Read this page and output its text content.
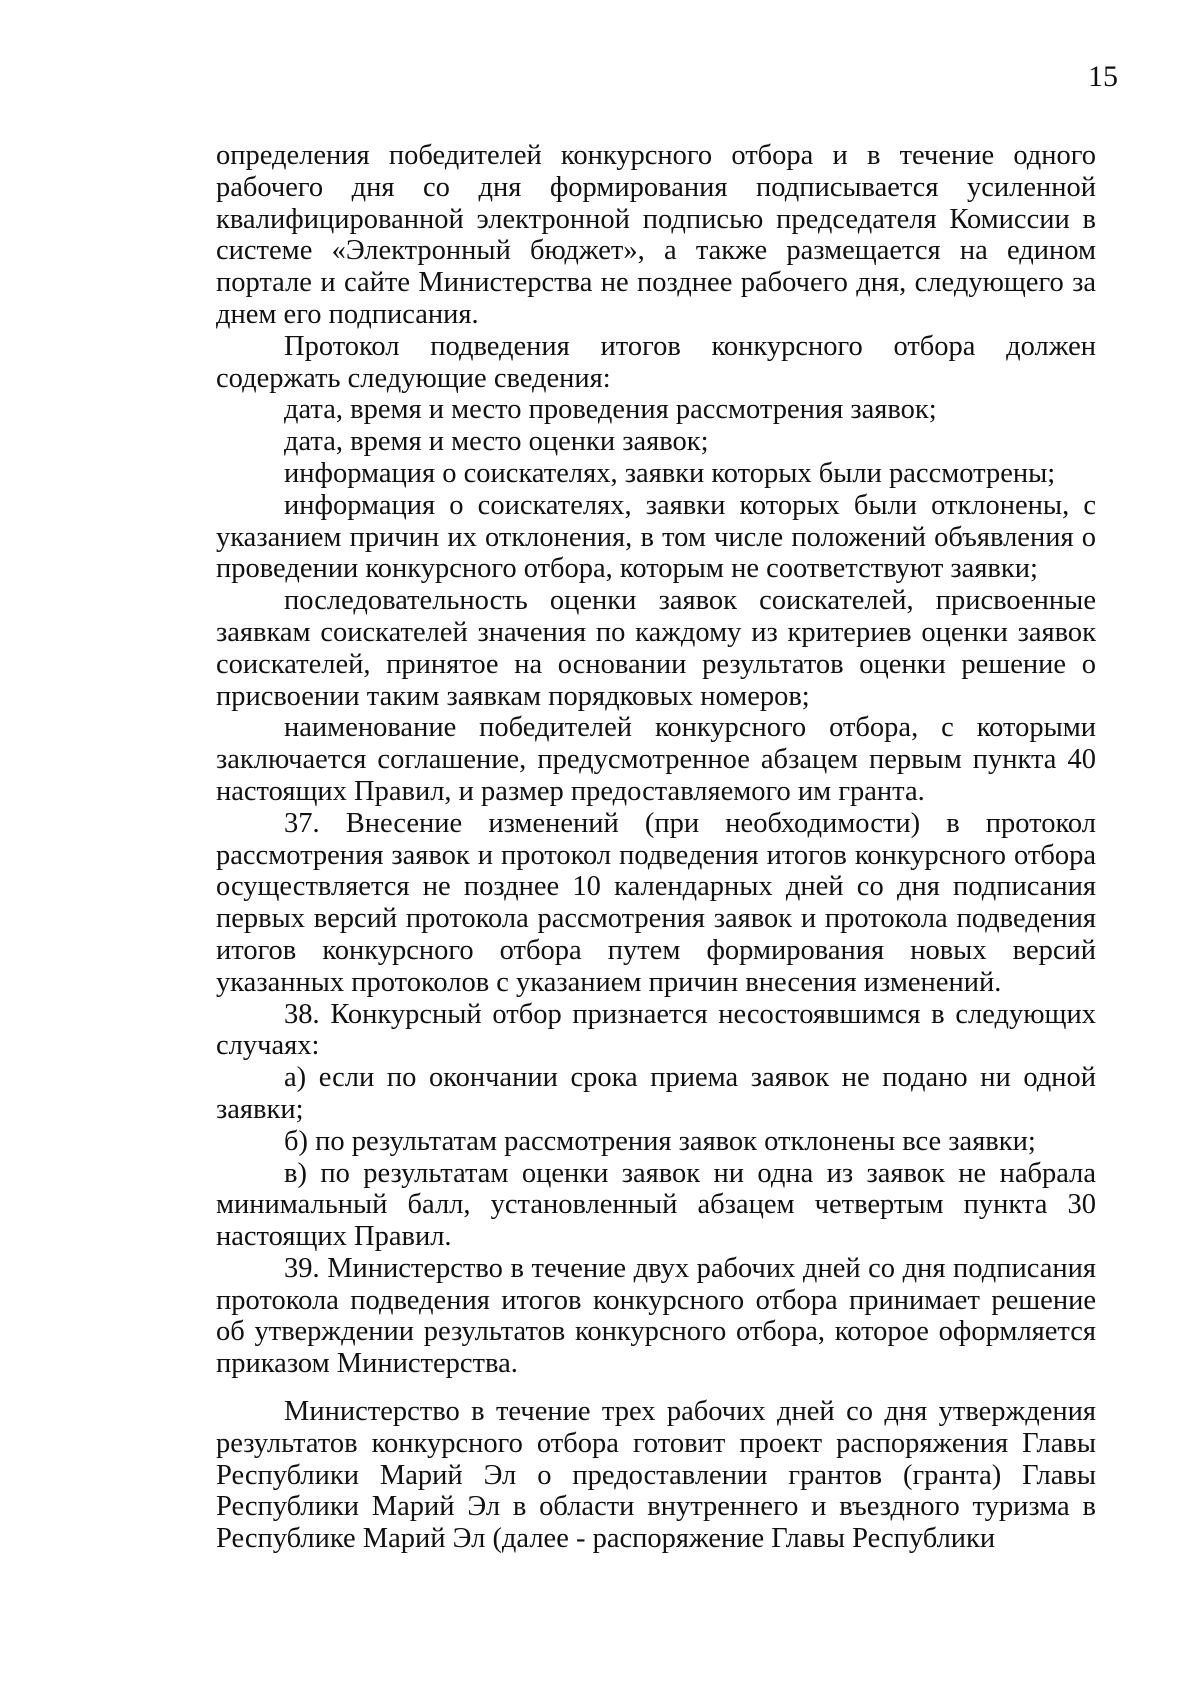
15

определения победителей конкурсного отбора и в течение одного рабочего дня со дня формирования подписывается усиленной квалифицированной электронной подписью председателя Комиссии в системе «Электронный бюджет», а также размещается на едином портале и сайте Министерства не позднее рабочего дня, следующего за днем его подписания.

Протокол подведения итогов конкурсного отбора должен содержать следующие сведения:

дата, время и место проведения рассмотрения заявок;

дата, время и место оценки заявок;

информация о соискателях, заявки которых были рассмотрены;

информация о соискателях, заявки которых были отклонены, с указанием причин их отклонения, в том числе положений объявления о проведении конкурсного отбора, которым не соответствуют заявки;

последовательность оценки заявок соискателей, присвоенные заявкам соискателей значения по каждому из критериев оценки заявок соискателей, принятое на основании результатов оценки решение о присвоении таким заявкам порядковых номеров;

наименование победителей конкурсного отбора, с которыми заключается соглашение, предусмотренное абзацем первым пункта 40 настоящих Правил, и размер предоставляемого им гранта.

37. Внесение изменений (при необходимости) в протокол рассмотрения заявок и протокол подведения итогов конкурсного отбора осуществляется не позднее 10 календарных дней со дня подписания первых версий протокола рассмотрения заявок и протокола подведения итогов конкурсного отбора путем формирования новых версий указанных протоколов с указанием причин внесения изменений.

38. Конкурсный отбор признается несостоявшимся в следующих случаях:

а) если по окончании срока приема заявок не подано ни одной заявки;

б) по результатам рассмотрения заявок отклонены все заявки;

в) по результатам оценки заявок ни одна из заявок не набрала минимальный балл, установленный абзацем четвертым пункта 30 настоящих Правил.

39. Министерство в течение двух рабочих дней со дня подписания протокола подведения итогов конкурсного отбора принимает решение об утверждении результатов конкурсного отбора, которое оформляется приказом Министерства.

Министерство в течение трех рабочих дней со дня утверждения результатов конкурсного отбора готовит проект распоряжения Главы Республики Марий Эл о предоставлении грантов (гранта) Главы Республики Марий Эл в области внутреннего и въездного туризма в Республике Марий Эл (далее - распоряжение Главы Республики
